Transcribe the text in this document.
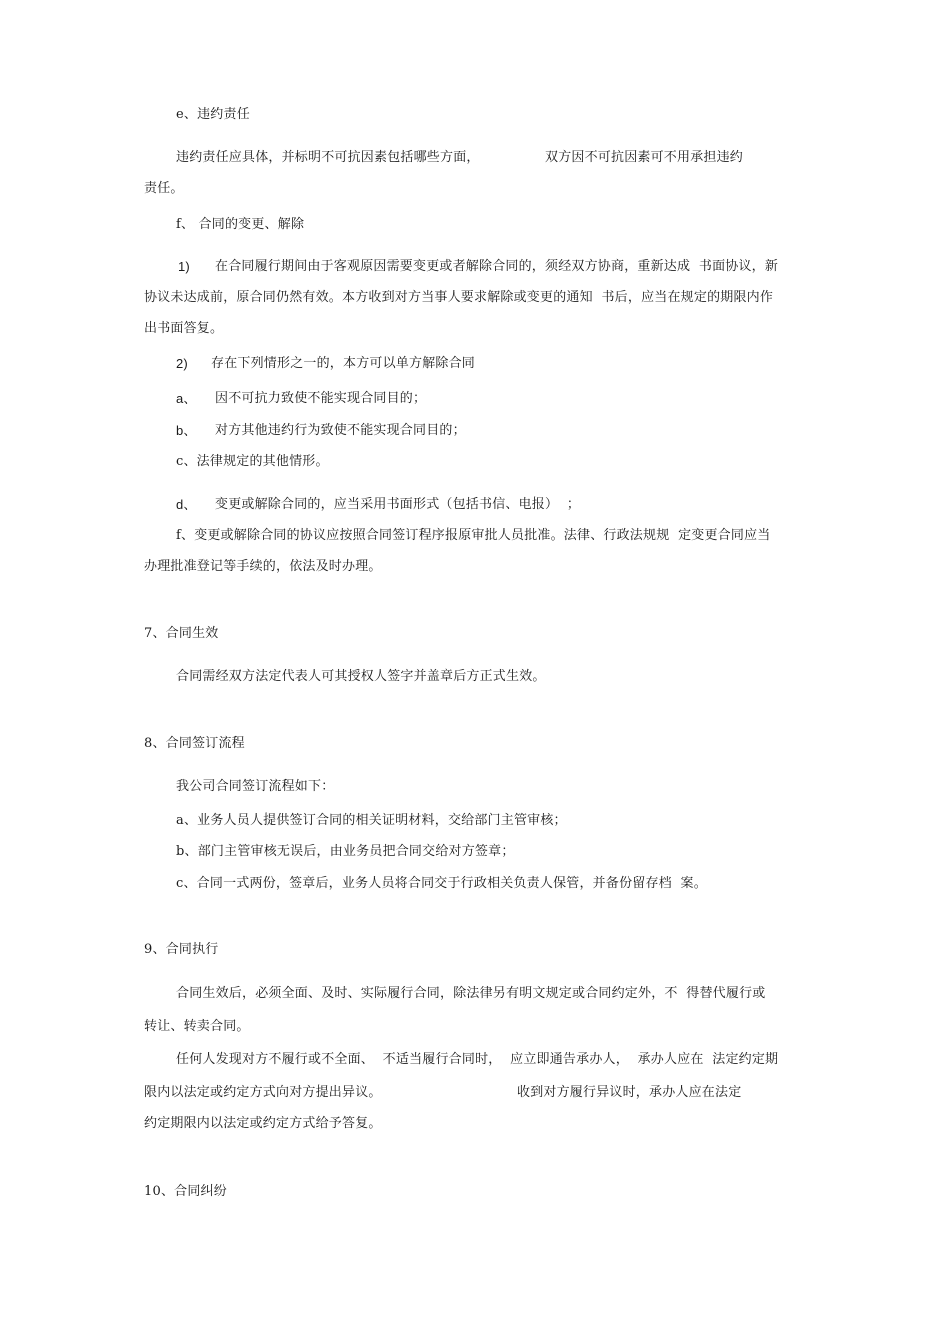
e、违约责任
违约责任应具体，并标明不可抗因素包括哪些方面，	双方因不可抗因素可不用承担违约
责任。
f、 合同的变更、解除
1) 在合同履行期间由于客观原因需要变更或者解除合同的，须经双方协商，重新达成  书面协议，新
协议未达成前，原合同仍然有效。本方收到对方当事人要求解除或变更的通知  书后，应当在规定的期限内作
出书面答复。
2) 存在下列情形之一的，本方可以单方解除合同
a、 因不可抗力致使不能实现合同目的；
b、 对方其他违约行为致使不能实现合同目的；
c、法律规定的其他情形。
d、 变更或解除合同的，应当采用书面形式（包括书信、电报）  ；
f、变更或解除合同的协议应按照合同签订程序报原审批人员批准。法律、行政法规规  定变更合同应当
办理批准登记等手续的，依法及时办理。
7、合同生效
合同需经双方法定代表人可其授权人签字并盖章后方正式生效。
8、合同签订流程
我公司合同签订流程如下：
a、业务人员人提供签订合同的相关证明材料，交给部门主管审核；
b、部门主管审核无误后，由业务员把合同交给对方签章；
c、合同一式两份，签章后，业务人员将合同交于行政相关负责人保管，并备份留存档  案。
9、合同执行
合同生效后，必须全面、及时、实际履行合同，除法律另有明文规定或合同约定外，不  得替代履行或
转让、转卖合同。
任何人发现对方不履行或不全面、  不适当履行合同时，  应立即通告承办人，  承办人应在  法定约定期
限内以法定或约定方式向对方提出异议。	收到对方履行异议时，承办人应在法定
约定期限内以法定或约定方式给予答复。
10、合同纠纷
